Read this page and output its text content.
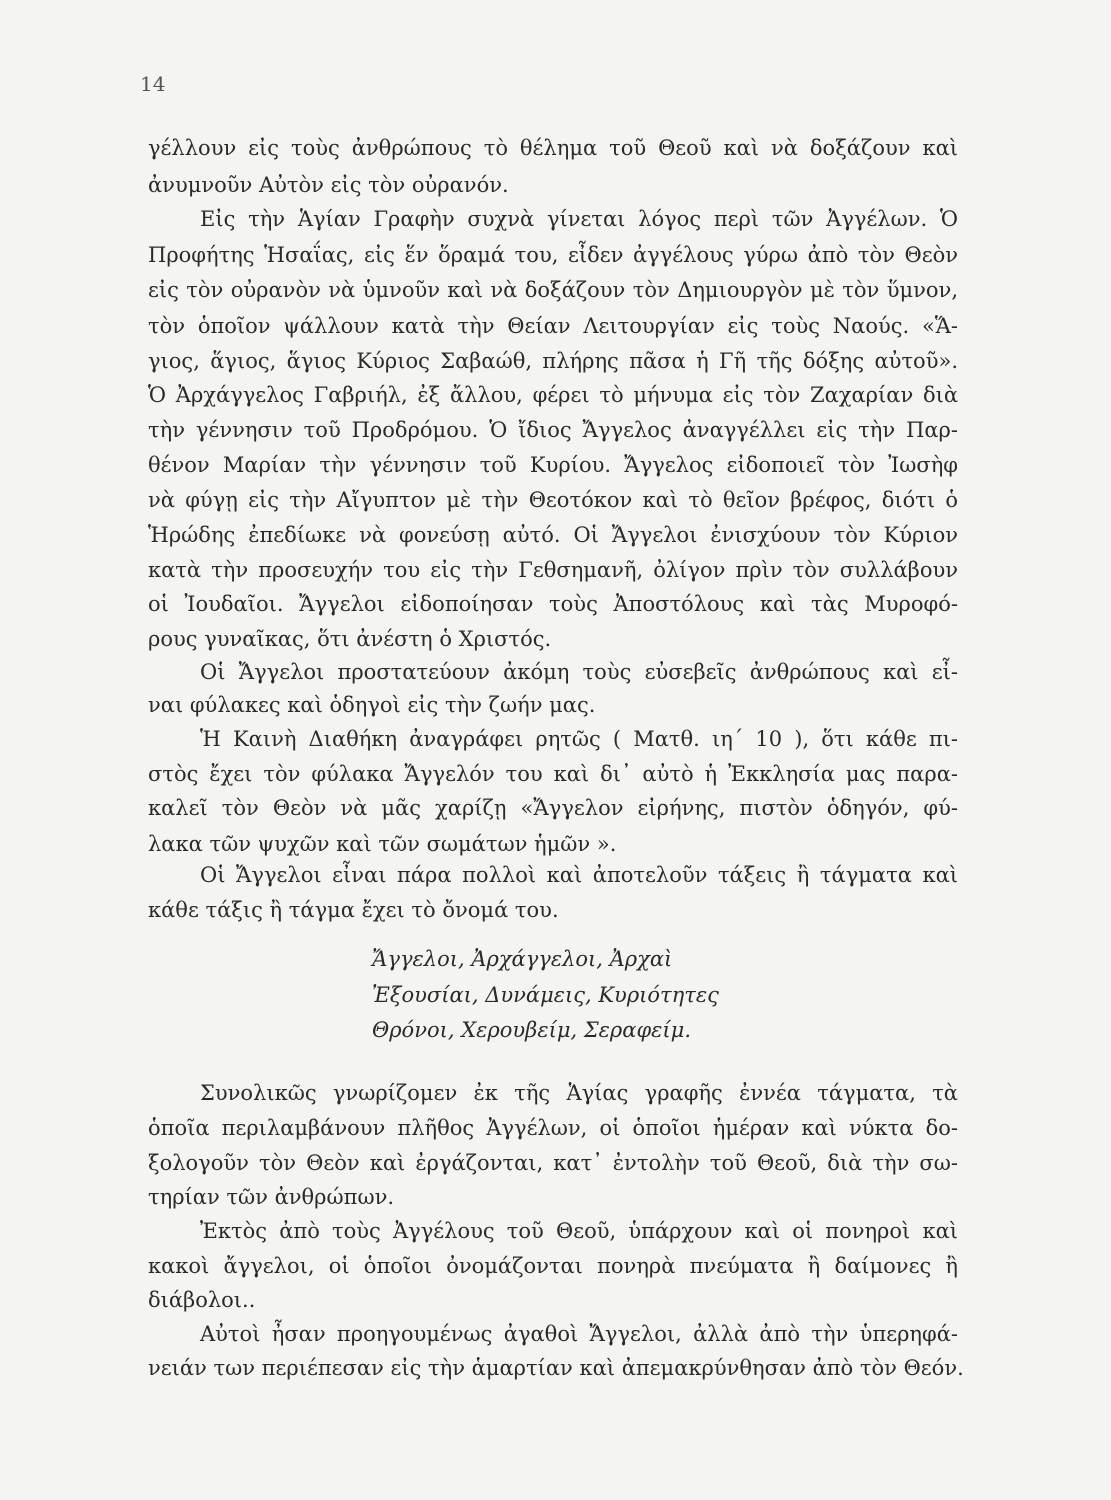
14
γέλλουν εἰς τοὺς ἀνθρώπους τὸ θέλημα τοῦ Θεοῦ καὶ νὰ δοξάζουν καὶ
ἀνυμνοῦν Αὐτὸν εἰς τὸν οὐρανόν.
Εἰς τὴν Ἁγίαν Γραφὴν συχνὰ γίνεται λόγος περὶ τῶν Ἀγγέλων. Ὁ
Προφήτης Ἡσαΐας, εἰς ἕν ὅραμά του, εἶδεν ἀγγέλους γύρω ἀπὸ τὸν Θεὸν
εἰς τὸν οὐρανὸν νὰ ὑμνοῦν καὶ νὰ δοξάζουν τὸν Δημιουργὸν μὲ τὸν ὕμνον,
τὸν ὁποῖον ψάλλουν κατὰ τὴν Θείαν Λειτουργίαν εἰς τοὺς Ναούς. «Ἅ-
γιος, ἅγιος, ἅγιος Κύριος Σαβαώθ, πλήρης πᾶσα ἡ Γῆ τῆς δόξης αὐτοῦ».
Ὁ Ἀρχάγγελος Γαβριήλ, ἐξ ἄλλου, φέρει τὸ μήνυμα εἰς τὸν Ζαχαρίαν διὰ
τὴν γέννησιν τοῦ Προδρόμου. Ὁ ἴδιος Ἄγγελος ἀναγγέλλει εἰς τὴν Παρ-
θένον Μαρίαν τὴν γέννησιν τοῦ Κυρίου. Ἄγγελος εἰδοποιεῖ τὸν Ἰωσὴφ
νὰ φύγῃ εἰς τὴν Αἴγυπτον μὲ τὴν Θεοτόκον καὶ τὸ θεῖον βρέφος, διότι ὁ
Ἡρώδης ἐπεδίωκε νὰ φονεύσῃ αὐτό. Οἱ Ἄγγελοι ἐνισχύουν τὸν Κύριον
κατὰ τὴν προσευχήν του εἰς τὴν Γεθσημανῆ, ὀλίγον πρὶν τὸν συλλάβουν
οἱ Ἰουδαῖοι. Ἄγγελοι εἰδοποίησαν τοὺς Ἀποστόλους καὶ τὰς Μυροφό-
ρους γυναῖκας, ὅτι ἀνέστη ὁ Χριστός.
Οἱ Ἄγγελοι προστατεύουν ἀκόμη τοὺς εὐσεβεῖς ἀνθρώπους καὶ εἶ-
ναι φύλακες καὶ ὁδηγοὶ εἰς τὴν ζωήν μας.
Ἡ Καινὴ Διαθήκη ἀναγράφει ρητῶς ( Ματθ. ιη´ 10 ), ὅτι κάθε πι-
στὸς ἔχει τὸν φύλακα Ἄγγελόν του καὶ δι᾽ αὐτὸ ἡ Ἐκκλησία μας παρα-
καλεῖ τὸν Θεὸν νὰ μᾶς χαρίζῃ «Ἄγγελον εἰρήνης, πιστὸν ὁδηγόν, φύ-
λακα τῶν ψυχῶν καὶ τῶν σωμάτων ἡμῶν ».
Οἱ Ἄγγελοι εἶναι πάρα πολλοὶ καὶ ἀποτελοῦν τάξεις ἢ τάγματα καὶ
κάθε τάξις ἢ τάγμα ἔχει τὸ ὄνομά του.
Ἄγγελοι, Ἀρχάγγελοι, Ἀρχαὶ
Ἐξουσίαι, Δυνάμεις, Κυριότητες
Θρόνοι, Χερουβείμ, Σεραφείμ.
Συνολικῶς γνωρίζομεν ἐκ τῆς Ἁγίας γραφῆς ἐννέα τάγματα, τὰ
ὁποῖα περιλαμβάνουν πλῆθος Ἀγγέλων, οἱ ὁποῖοι ἡμέραν καὶ νύκτα δο-
ξολογοῦν τὸν Θεὸν καὶ ἐργάζονται, κατ᾽ ἐντολὴν τοῦ Θεοῦ, διὰ τὴν σω-
τηρίαν τῶν ἀνθρώπων.
Ἐκτὸς ἀπὸ τοὺς Ἀγγέλους τοῦ Θεοῦ, ὑπάρχουν καὶ οἱ πονηροὶ καὶ
κακοὶ ἄγγελοι, οἱ ὁποῖοι ὀνομάζονται πονηρὰ πνεύματα ἢ δαίμονες ἢ
διάβολοι..
Αὐτοὶ ἦσαν προηγουμένως ἀγαθοὶ Ἄγγελοι, ἀλλὰ ἀπὸ τὴν ὑπερηφά-
νειάν των περιέπεσαν εἰς τὴν ἁμαρτίαν καὶ ἀπεμακρύνθησαν ἀπὸ τὸν Θεόν.
